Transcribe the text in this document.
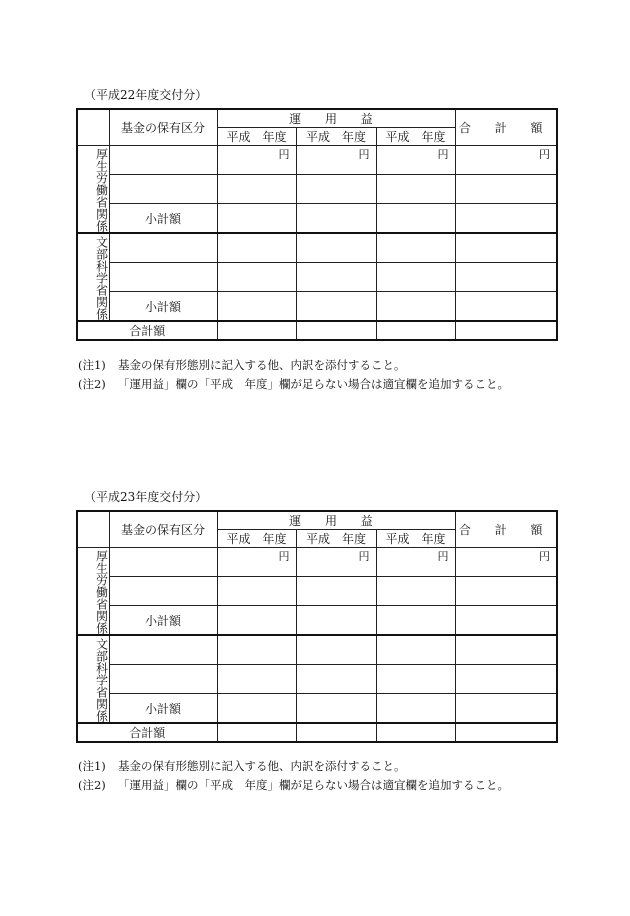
（平成22年度交付分）
	基金の保有区分	運 用 益			合 計 額
		平成　年度	平成　年度	平成　年度	
厚生労働省関係		円	円	円	円

	小計額				
文部科学省関係					

	小計額				
合計額					
(注1) 基金の保有形態別に記入する他、内訳を添付すること。
(注2) 「運用益」欄の「平成　年度」欄が足らない場合は適宜欄を追加すること。
（平成23年度交付分）
	基金の保有区分	運 用 益			合 計 額
		平成　年度	平成　年度	平成　年度	
厚生労働省関係		円	円	円	円

	小計額				
文部科学省関係					

	小計額				
合計額					
(注1) 基金の保有形態別に記入する他、内訳を添付すること。
(注2) 「運用益」欄の「平成　年度」欄が足らない場合は適宜欄を追加すること。
